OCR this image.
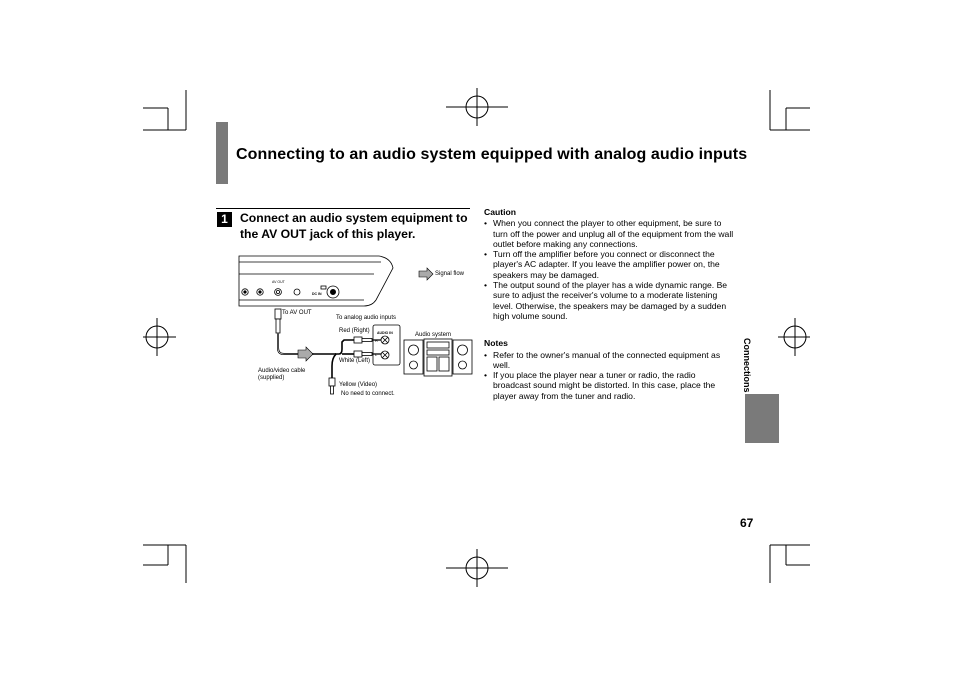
Connecting to an audio system equipped with analog audio inputs
1 Connect an audio system equipment to the AV OUT jack of this player.
AV OUT
DC IN
Signal flow
To AV OUT
To analog audio inputs
Red (Right)
White (Left)
Audio system
AUDIO IN
R
L
Audio/video cable
(supplied)
Yellow (Video)
No need to connect.
Caution
• When you connect the player to other equipment, be sure to turn off the power and unplug all of the equipment from the wall outlet before making any connections.
• Turn off the amplifier before you connect or disconnect the player's AC adapter. If you leave the amplifier power on, the speakers may be damaged.
• The output sound of the player has a wide dynamic range. Be sure to adjust the receiver's volume to a moderate listening level. Otherwise, the speakers may be damaged by a sudden high volume sound.
Notes
• Refer to the owner's manual of the connected equipment as well.
• If you place the player near a tuner or radio, the radio broadcast sound might be distorted. In this case, place the player away from the tuner and radio.
Connections
67
